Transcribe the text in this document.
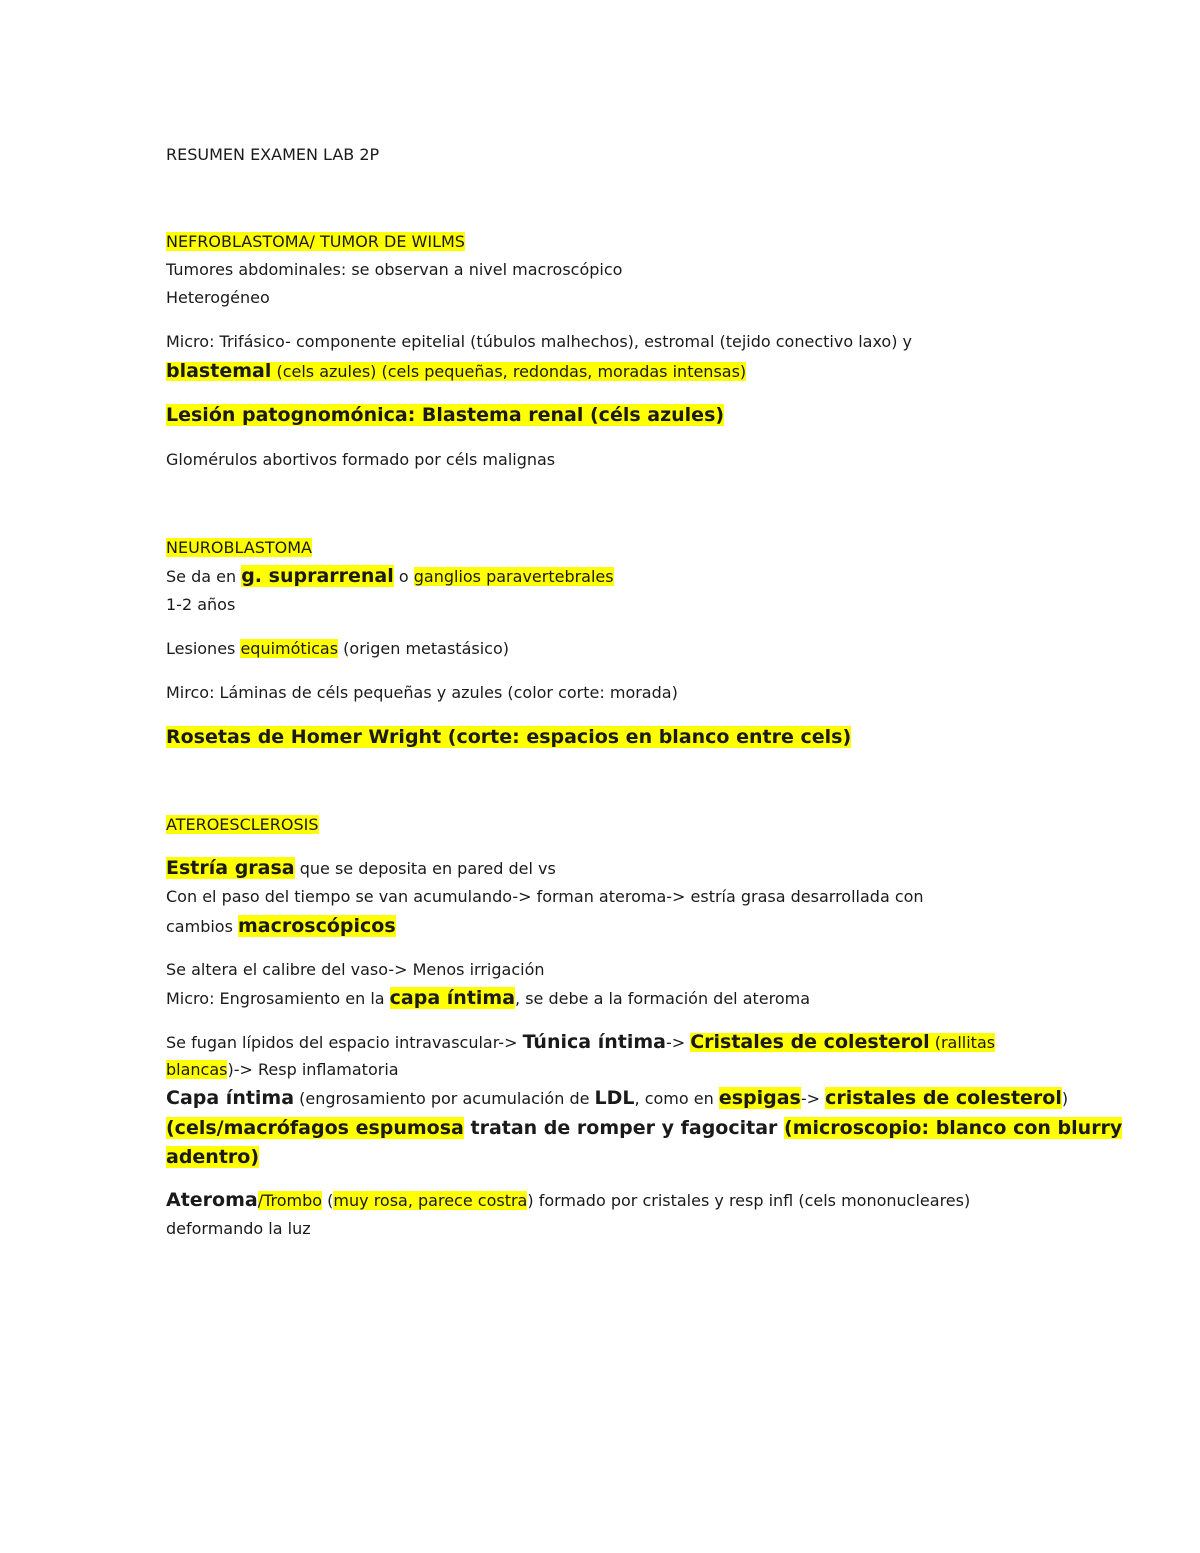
RESUMEN EXAMEN LAB 2P
NEFROBLASTOMA/ TUMOR DE WILMS
Tumores abdominales: se observan a nivel macroscópico
Heterogéneo
Micro: Trifásico- componente epitelial (túbulos malhechos), estromal (tejido conectivo laxo) y
blastemal (cels azules) (cels pequeñas, redondas, moradas intensas)
Lesión patognomónica: Blastema renal (céls azules)
Glomérulos abortivos formado por céls malignas
NEUROBLASTOMA
Se da en g. suprarrenal o ganglios paravertebrales
1-2 años
Lesiones equimóticas (origen metastásico)
Mirco: Láminas de céls pequeñas y azules (color corte: morada)
Rosetas de Homer Wright (corte: espacios en blanco entre cels)
ATEROESCLEROSIS
Estría grasa que se deposita en pared del vs
Con el paso del tiempo se van acumulando-> forman ateroma-> estría grasa desarrollada con
cambios macroscópicos
Se altera el calibre del vaso-> Menos irrigación
Micro: Engrosamiento en la capa íntima, se debe a la formación del ateroma
Se fugan lípidos del espacio intravascular-> Túnica íntima-> Cristales de colesterol (rallitas
blancas)-> Resp inflamatoria
Capa íntima (engrosamiento por acumulación de LDL, como en espigas-> cristales de colesterol)
(cels/macrófagos espumosa tratan de romper y fagocitar (microscopio: blanco con blurry
adentro)
Ateroma/Trombo (muy rosa, parece costra) formado por cristales y resp infl (cels mononucleares)
deformando la luz
